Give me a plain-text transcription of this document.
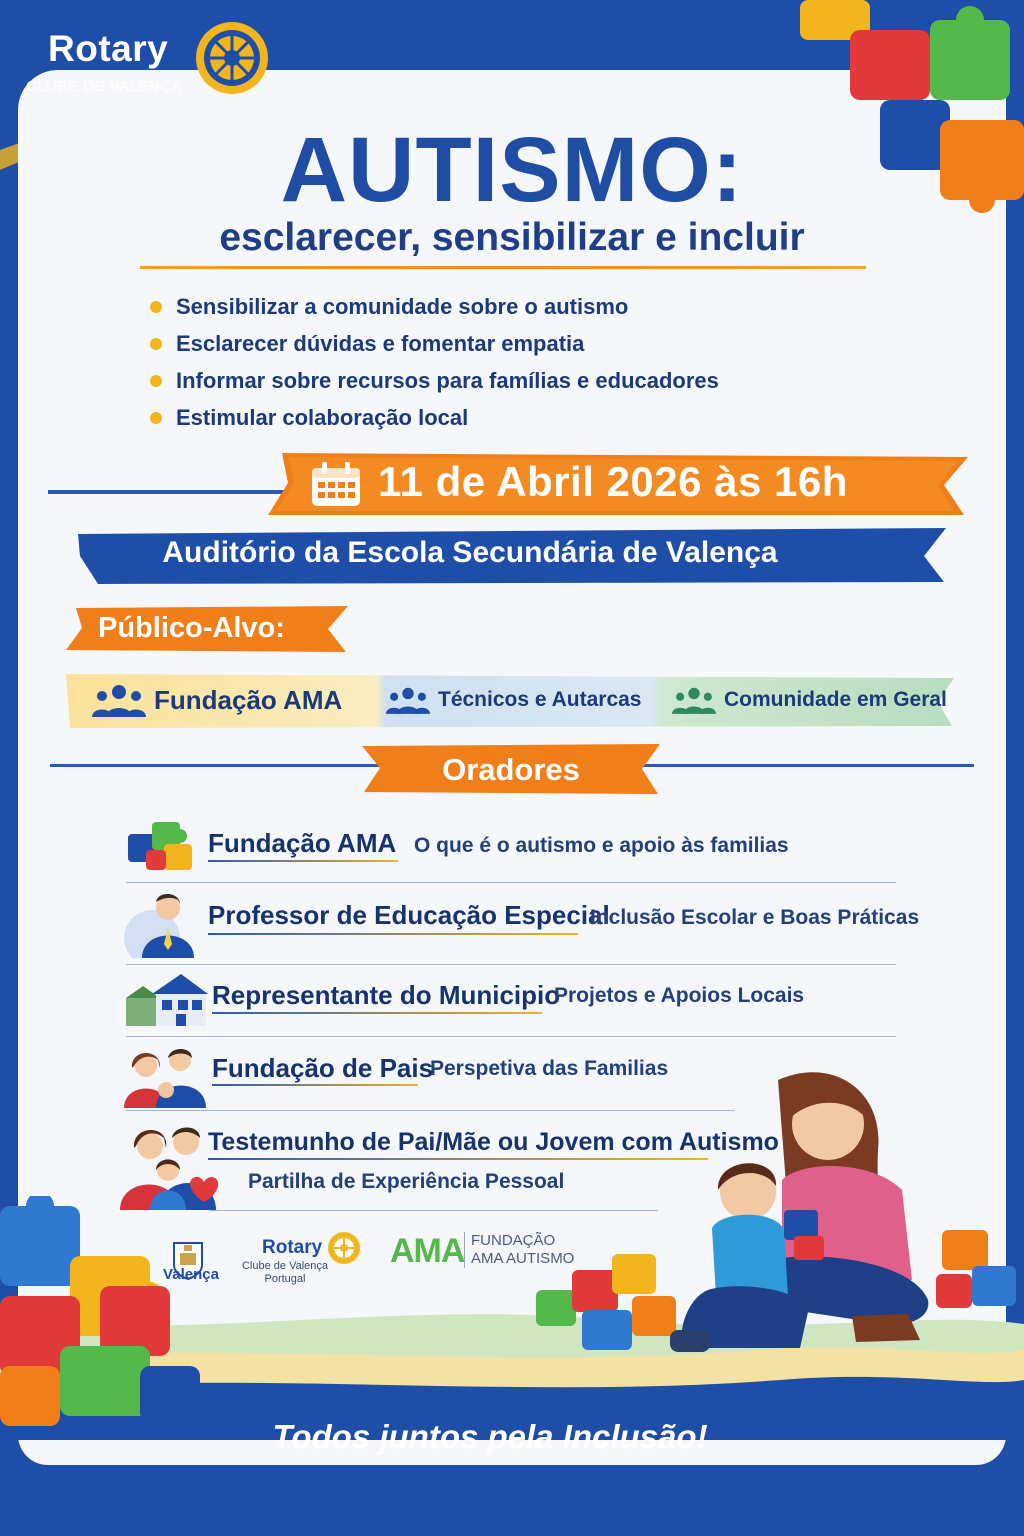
Rotary
CLUBE DE VALENÇA
AUTISMO:
esclarecer, sensibilizar e incluir
Sensibilizar a comunidade sobre o autismo
Esclarecer dúvidas e fomentar empatia
Informar sobre recursos para famílias e educadores
Estimular colaboração local
11 de Abril 2026 às 16h
Auditório da Escola Secundária de Valença
Público-Alvo:
Fundação AMA	Técnicos e Autarcas	Comunidade em Geral
Oradores
Fundação AMA O que é o autismo e apoio às familias
Professor de Educação Especial
Inclusão Escolar e Boas Práticas
Representante do Municipio
Projetos e Apoios Locais
Fundação de Pais
Perspetiva das Familias
Testemunho de Pai/Mãe ou Jovem com Autismo
Partilha de Experiência Pessoal
Valença
Rotary
Clube de Valença
Portugal
AMA FUNDAÇÃO
AMA AUTISMO
Todos juntos pela Inclusão!
